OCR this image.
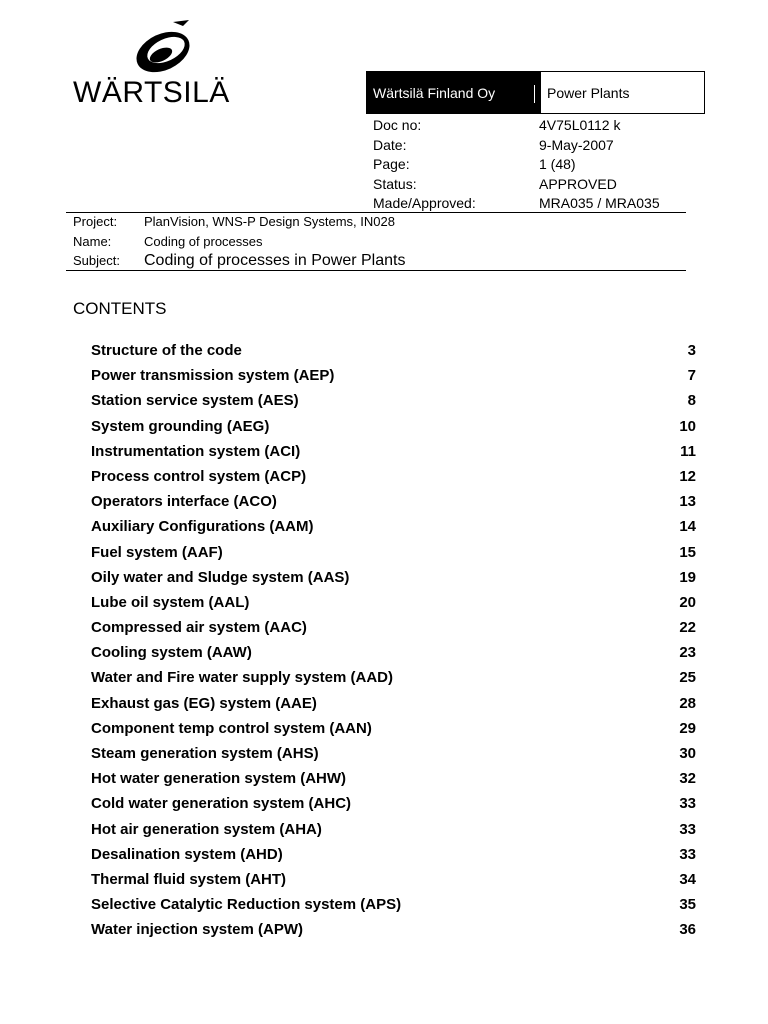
WÄRTSILÄ	Wärtsilä Finland Oy	Power Plants
Doc no:	4V75L0112 k
Date:	9-May-2007
Page:	1 (48)
Status:	APPROVED
Made/Approved:	MRA035 / MRA035
Project: PlanVision, WNS-P Design Systems, IN028
Name:	Coding of processes
Subject: Coding of processes in Power Plants
CONTENTS
Structure of the code	3
Power transmission system (AEP)	7
Station service system (AES)	8
System grounding (AEG)	10
Instrumentation system (ACI)	11
Process control system (ACP)	12
Operators interface (ACO)	13
Auxiliary Configurations (AAM)	14
Fuel system (AAF)	15
Oily water and Sludge system (AAS)	19
Lube oil system (AAL)	20
Compressed air system (AAC)	22
Cooling system (AAW)	23
Water and Fire water supply system (AAD)	25
Exhaust gas (EG) system (AAE)	28
Component temp control system (AAN)	29
Steam generation system (AHS)	30
Hot water generation system (AHW)	32
Cold water generation system (AHC)	33
Hot air generation system (AHA)	33
Desalination system (AHD)	33
Thermal fluid system (AHT)	34
Selective Catalytic Reduction system (APS)	35
Water injection system (APW)	36
